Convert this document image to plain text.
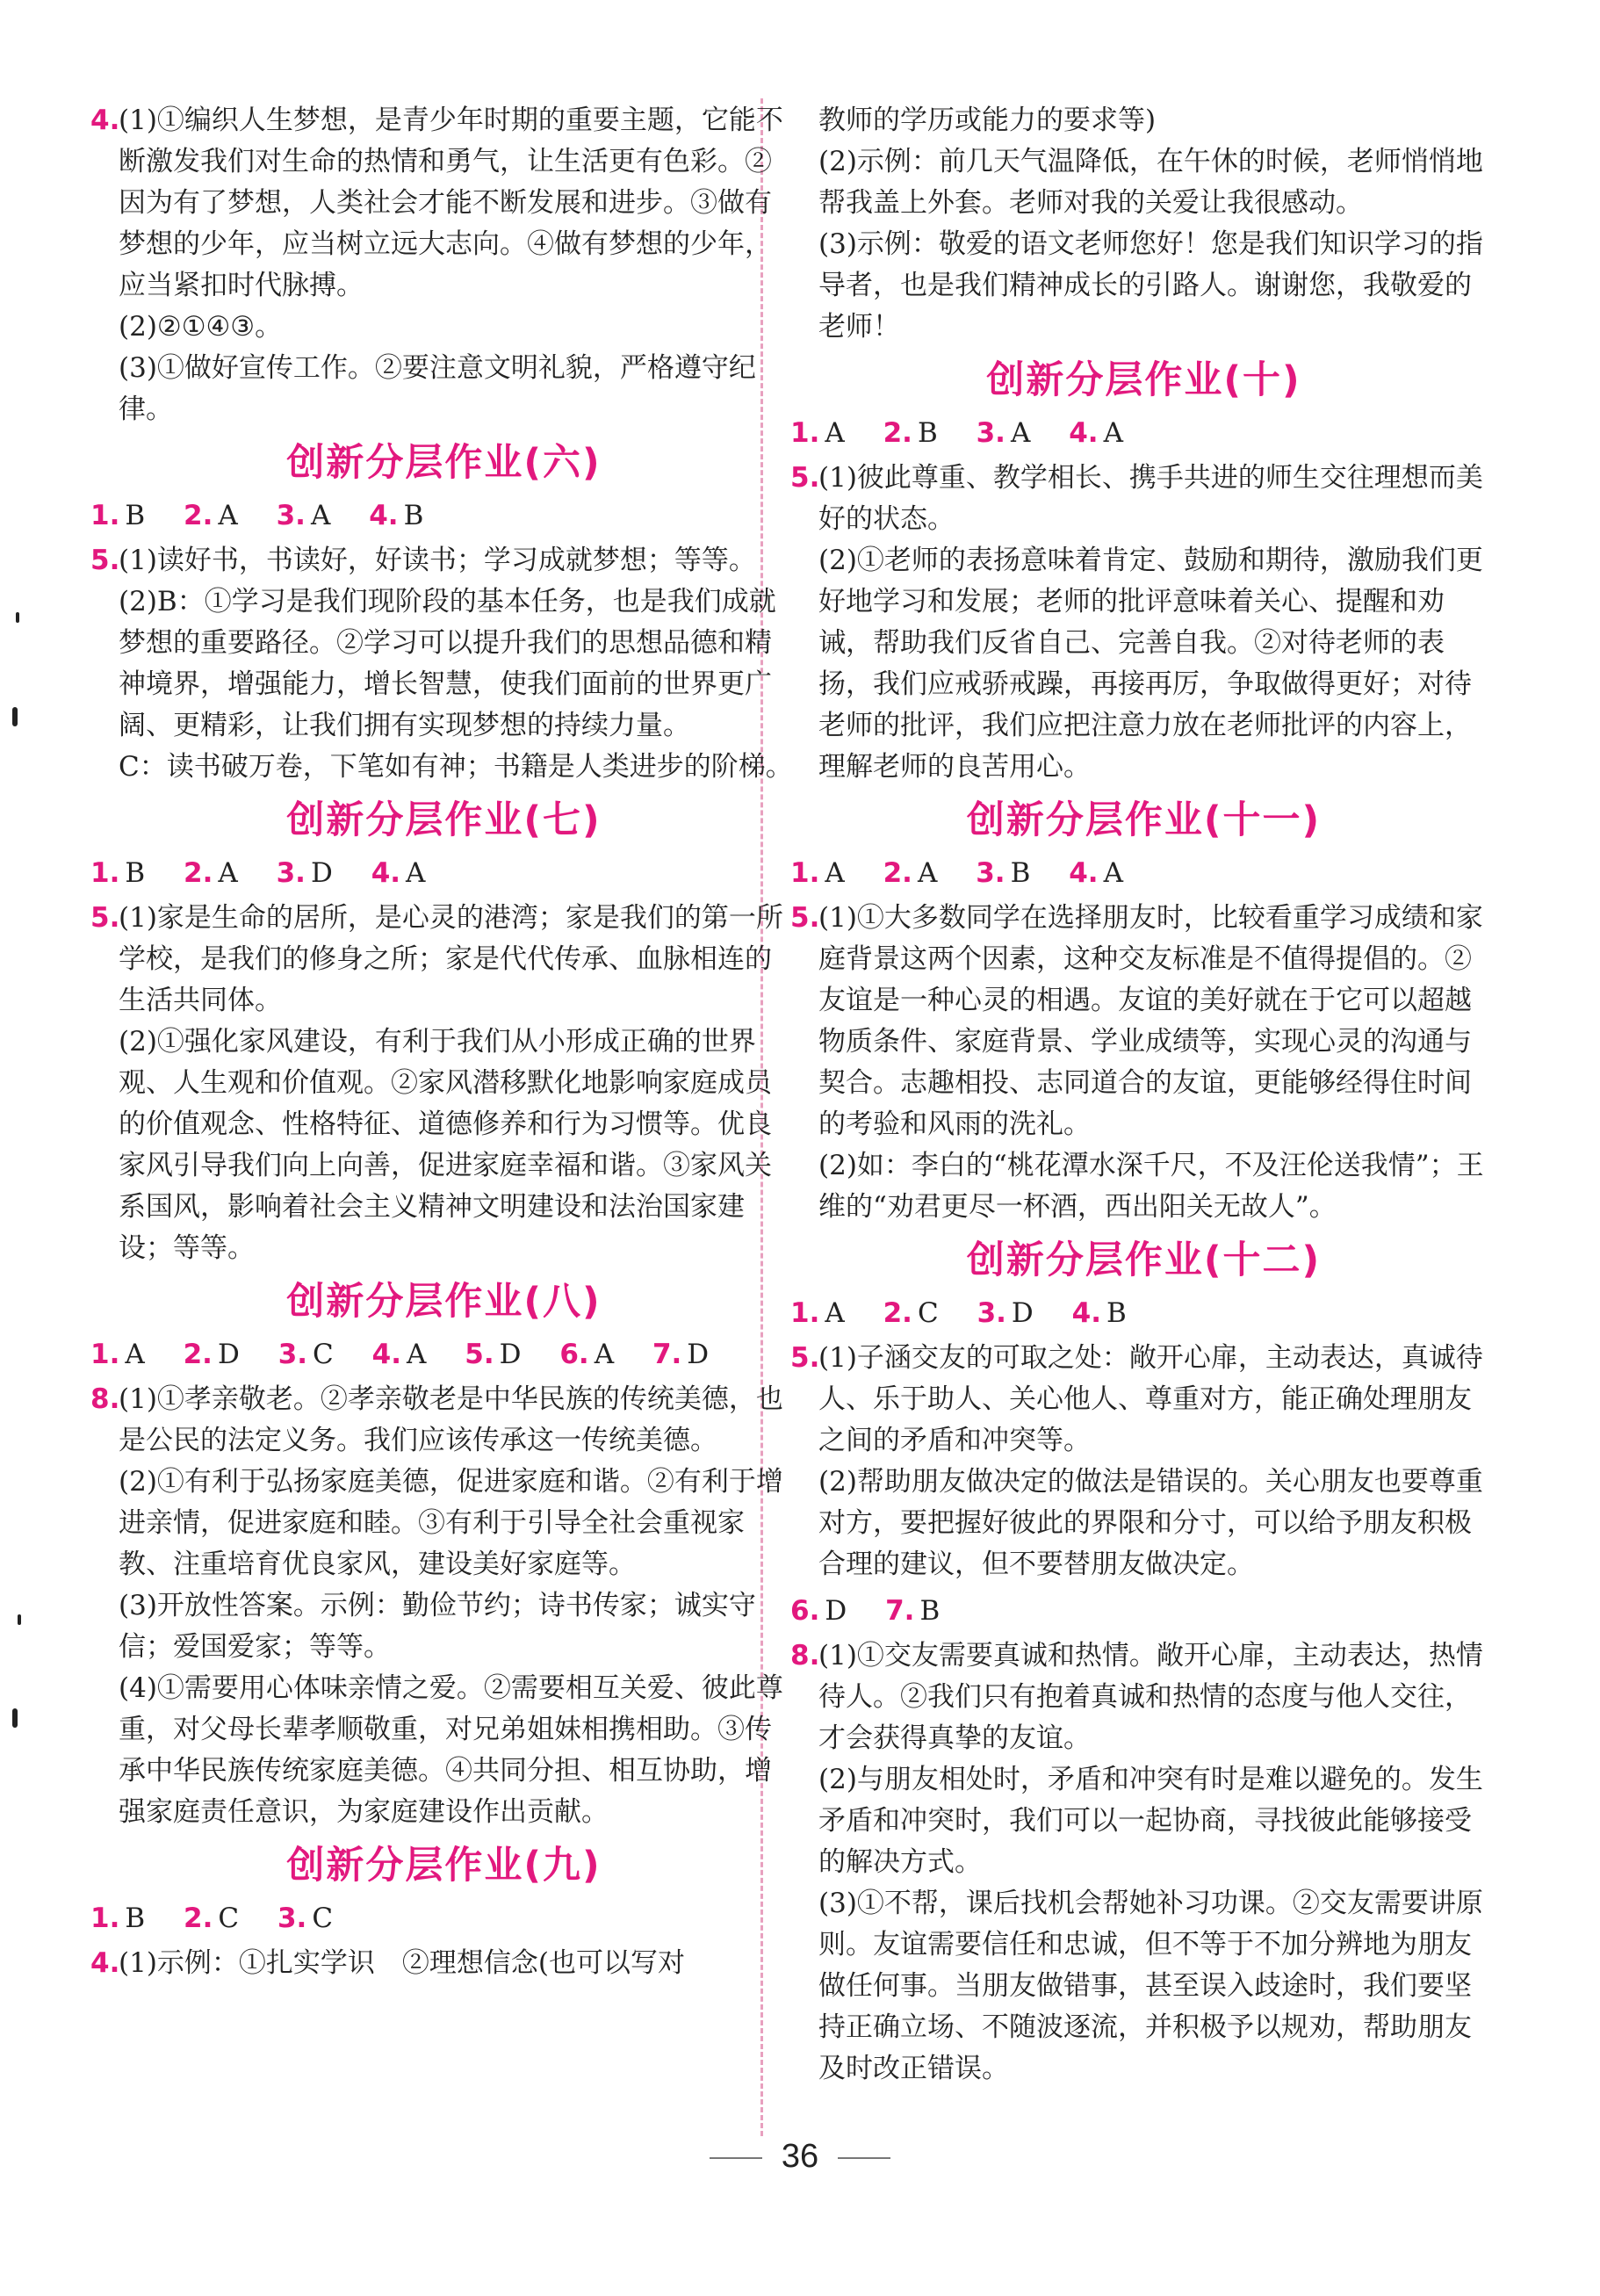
4.

(1)①编织人生梦想，是青少年时期的重要主题，它能不断激发我们对生命的热情和勇气，让生活更有色彩。②因为有了梦想，人类社会才能不断发展和进步。③做有梦想的少年，应当树立远大志向。④做有梦想的少年，应当紧扣时代脉搏。

(2)②①④③。

(3)①做好宣传工作。②要注意文明礼貌，严格遵守纪律。

创新分层作业(六)
1. B 2. A 3. A 4. B
5.

(1)读好书，书读好，好读书；学习成就梦想；等等。

(2)B：①学习是我们现阶段的基本任务，也是我们成就梦想的重要路径。②学习可以提升我们的思想品德和精神境界，增强能力，增长智慧，使我们面前的世界更广阔、更精彩，让我们拥有实现梦想的持续力量。

C：读书破万卷，下笔如有神；书籍是人类进步的阶梯。

创新分层作业(七)
1. B 2. A 3. D 4. A
5.

(1)家是生命的居所，是心灵的港湾；家是我们的第一所学校，是我们的修身之所；家是代代传承、血脉相连的生活共同体。

(2)①强化家风建设，有利于我们从小形成正确的世界观、人生观和价值观。②家风潜移默化地影响家庭成员的价值观念、性格特征、道德修养和行为习惯等。优良家风引导我们向上向善，促进家庭幸福和谐。③家风关系国风，影响着社会主义精神文明建设和法治国家建设；等等。

创新分层作业(八)
1. A 2. D 3. C 4. A 5. D 6. A 7. D
8.

(1)①孝亲敬老。②孝亲敬老是中华民族的传统美德，也是公民的法定义务。我们应该传承这一传统美德。

(2)①有利于弘扬家庭美德，促进家庭和谐。②有利于增进亲情，促进家庭和睦。③有利于引导全社会重视家教、注重培育优良家风，建设美好家庭等。

(3)开放性答案。示例：勤俭节约；诗书传家；诚实守信；爱国爱家；等等。

(4)①需要用心体味亲情之爱。②需要相互关爱、彼此尊重，对父母长辈孝顺敬重，对兄弟姐妹相携相助。③传承中华民族传统家庭美德。④共同分担、相互协助，增强家庭责任意识，为家庭建设作出贡献。

创新分层作业(九)
1. B 2. C 3. C
4.

(1)示例：①扎实学识　②理想信念(也可以写对

教师的学历或能力的要求等)

(2)示例：前几天气温降低，在午休的时候，老师悄悄地帮我盖上外套。老师对我的关爱让我很感动。

(3)示例：敬爱的语文老师您好！您是我们知识学习的指导者，也是我们精神成长的引路人。谢谢您，我敬爱的老师！

创新分层作业(十)
1. A 2. B 3. A 4. A
5.

(1)彼此尊重、教学相长、携手共进的师生交往理想而美好的状态。

(2)①老师的表扬意味着肯定、鼓励和期待，激励我们更好地学习和发展；老师的批评意味着关心、提醒和劝诫，帮助我们反省自己、完善自我。②对待老师的表扬，我们应戒骄戒躁，再接再厉，争取做得更好；对待老师的批评，我们应把注意力放在老师批评的内容上，理解老师的良苦用心。

创新分层作业(十一)
1. A 2. A 3. B 4. A
5.

(1)①大多数同学在选择朋友时，比较看重学习成绩和家庭背景这两个因素，这种交友标准是不值得提倡的。②友谊是一种心灵的相遇。友谊的美好就在于它可以超越物质条件、家庭背景、学业成绩等，实现心灵的沟通与契合。志趣相投、志同道合的友谊，更能够经得住时间的考验和风雨的洗礼。

(2)如：李白的“桃花潭水深千尺，不及汪伦送我情”；王维的“劝君更尽一杯酒，西出阳关无故人”。

创新分层作业(十二)
1. A 2. C 3. D 4. B
5.

(1)子涵交友的可取之处：敞开心扉，主动表达，真诚待人、乐于助人、关心他人、尊重对方，能正确处理朋友之间的矛盾和冲突等。

(2)帮助朋友做决定的做法是错误的。关心朋友也要尊重对方，要把握好彼此的界限和分寸，可以给予朋友积极合理的建议，但不要替朋友做决定。

6. D 7. B
8.

(1)①交友需要真诚和热情。敞开心扉，主动表达，热情待人。②我们只有抱着真诚和热情的态度与他人交往，才会获得真挚的友谊。

(2)与朋友相处时，矛盾和冲突有时是难以避免的。发生矛盾和冲突时，我们可以一起协商，寻找彼此能够接受的解决方式。

(3)①不帮，课后找机会帮她补习功课。②交友需要讲原则。友谊需要信任和忠诚，但不等于不加分辨地为朋友做任何事。当朋友做错事，甚至误入歧途时，我们要坚持正确立场、不随波逐流，并积极予以规劝，帮助朋友及时改正错误。

36
